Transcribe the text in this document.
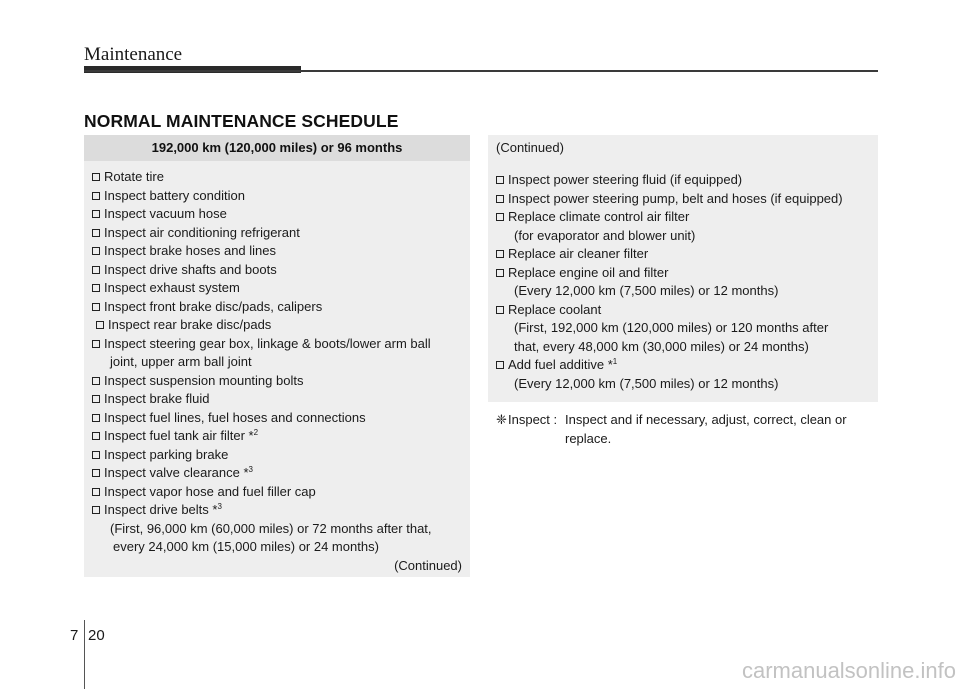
Maintenance
NORMAL MAINTENANCE SCHEDULE
192,000 km (120,000 miles) or 96 months
Rotate tire
Inspect battery condition
Inspect vacuum hose
Inspect air conditioning refrigerant
Inspect brake hoses and lines
Inspect drive shafts and boots
Inspect exhaust system
Inspect front brake disc/pads, calipers
Inspect rear brake disc/pads
Inspect steering gear box, linkage & boots/lower arm ball
joint, upper arm ball joint
Inspect suspension mounting bolts
Inspect brake fluid
Inspect fuel lines, fuel hoses and connections
Inspect fuel tank air filter *$^2$
Inspect parking brake
Inspect valve clearance *$^3$
Inspect vapor hose and fuel filler cap
Inspect drive belts *$^3$
(First, 96,000 km (60,000 miles) or 72 months after that,
every 24,000 km (15,000 miles) or 24 months)
(Continued)
(Continued)
Inspect power steering fluid (if equipped)
Inspect power steering pump, belt and hoses (if equipped)
Replace climate control air filter
(for evaporator and blower unit)
Replace air cleaner filter
Replace engine oil and filter
(Every 12,000 km (7,500 miles) or 12 months)
Replace coolant
(First, 192,000 km (120,000 miles) or 120 months after
that, every 48,000 km (30,000 miles) or 24 months)
Add fuel additive *$^1$
(Every 12,000 km (7,500 miles) or 12 months)
❈ Inspect : Inspect and if necessary, adjust, correct, clean or
replace.
7 20
carmanualsonline.info
